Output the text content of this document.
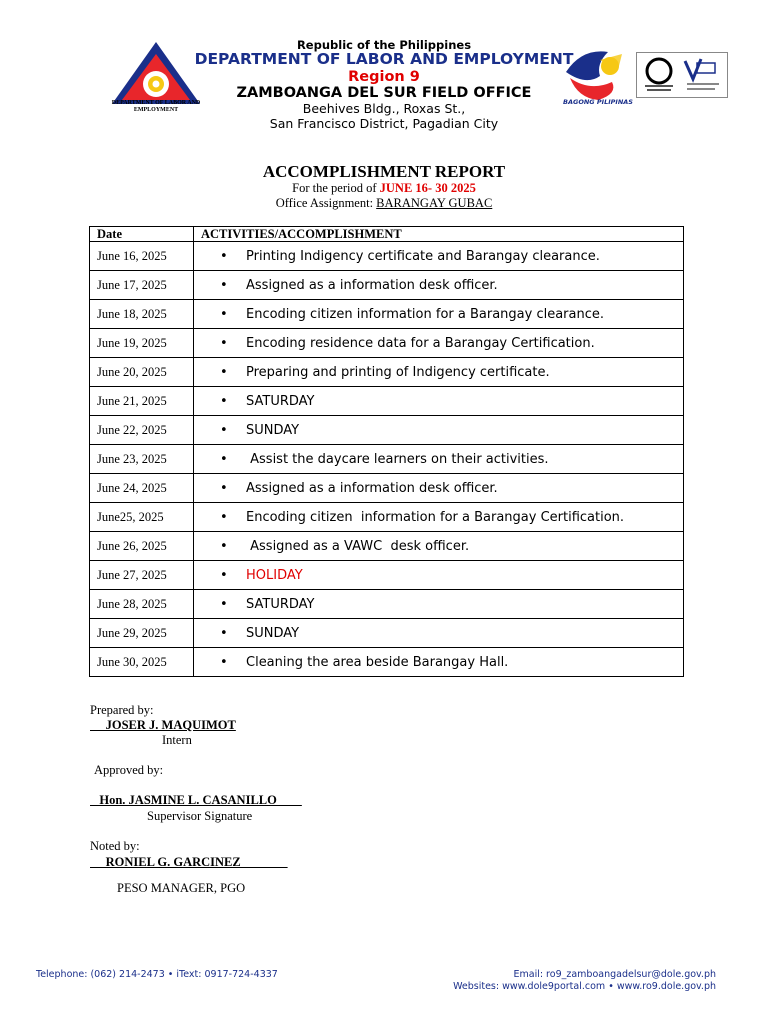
DEPARTMENT OF LABOR AND EMPLOYMENT
Republic of the Philippines
DEPARTMENT OF LABOR AND EMPLOYMENT
Region 9
ZAMBOANGA DEL SUR FIELD OFFICE
Beehives Bldg., Roxas St.,
San Francisco District, Pagadian City
BAGONG PILIPINAS
ACCOMPLISHMENT REPORT
For the period of JUNE 16- 30 2025
Office Assignment: BARANGAY GUBAC
Date	ACTIVITIES/ACCOMPLISHMENT
June 16, 2025	• Printing Indigency certificate and Barangay clearance.
June 17, 2025	• Assigned as a information desk officer.
June 18, 2025	• Encoding citizen information for a Barangay clearance.
June 19, 2025	• Encoding residence data for a Barangay Certification.
June 20, 2025	• Preparing and printing of Indigency certificate.
June 21, 2025	• SATURDAY
June 22, 2025	• SUNDAY
June 23, 2025	• Assist the daycare learners on their activities.
June 24, 2025	• Assigned as a information desk officer.
June25, 2025	• Encoding citizen  information for a Barangay Certification.
June 26, 2025	• Assigned as a VAWC  desk officer.
June 27, 2025	• HOLIDAY
June 28, 2025	• SATURDAY
June 29, 2025	• SUNDAY
June 30, 2025	• Cleaning the area beside Barangay Hall.
Prepared by:
JOSER J. MAQUIMOT
Intern
Approved by:
Hon. JASMINE L. CASANILLO
Supervisor Signature
Noted by:
RONIEL G. GARCINEZ
PESO MANAGER, PGO
Telephone: (062) 214-2473 • iText: 0917-724-4337	Email: ro9_zamboangadelsur@dole.gov.ph
Websites: www.dole9portal.com • www.ro9.dole.gov.ph
